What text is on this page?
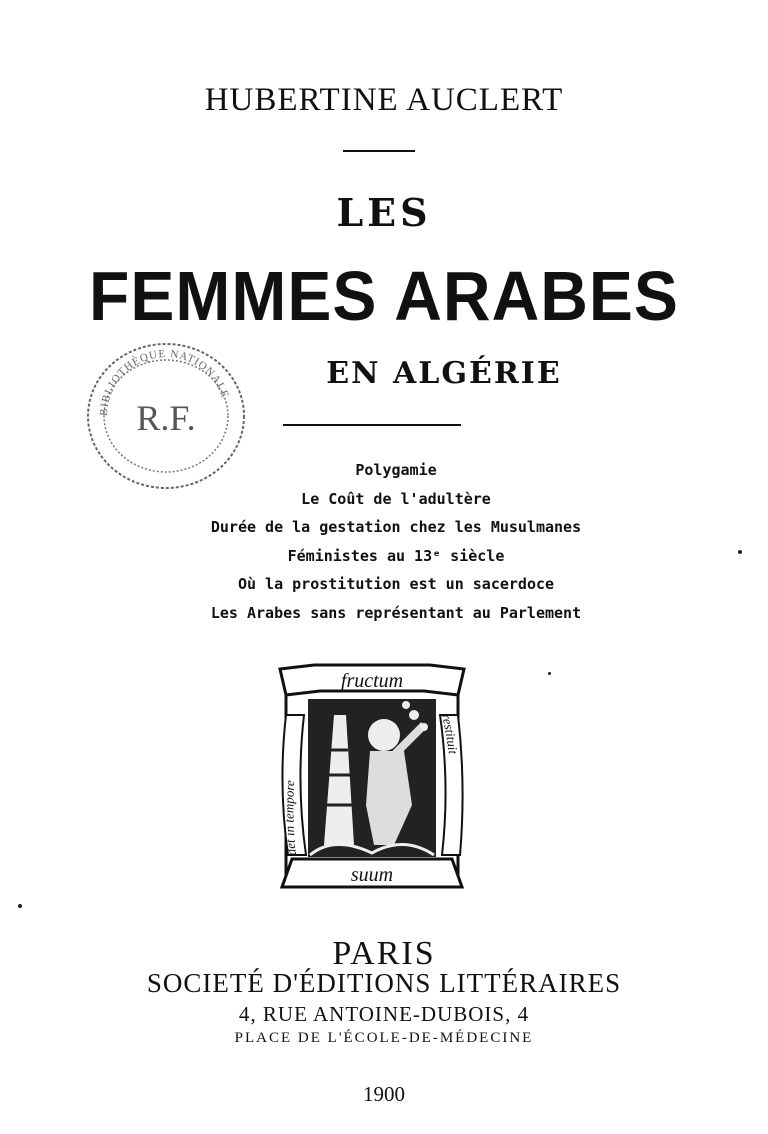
HUBERTINE AUCLERT
LES
FEMMES ARABES
EN ALGÉRIE
BIBLIOTHÈQUE NATIONALE
R.F.
Polygamie
Le Coût de l'adultère
Durée de la gestation chez les Musulmanes
Féministes au 13ᵉ siècle
Où la prostitution est un sacerdoce
Les Arabes sans représentant au Parlement
fructum
suum
det in tempore
restituit
PARIS
SOCIETÉ D'ÉDITIONS LITTÉRAIRES
4, RUE ANTOINE-DUBOIS, 4
PLACE DE L'ÉCOLE-DE-MÉDECINE
1900
